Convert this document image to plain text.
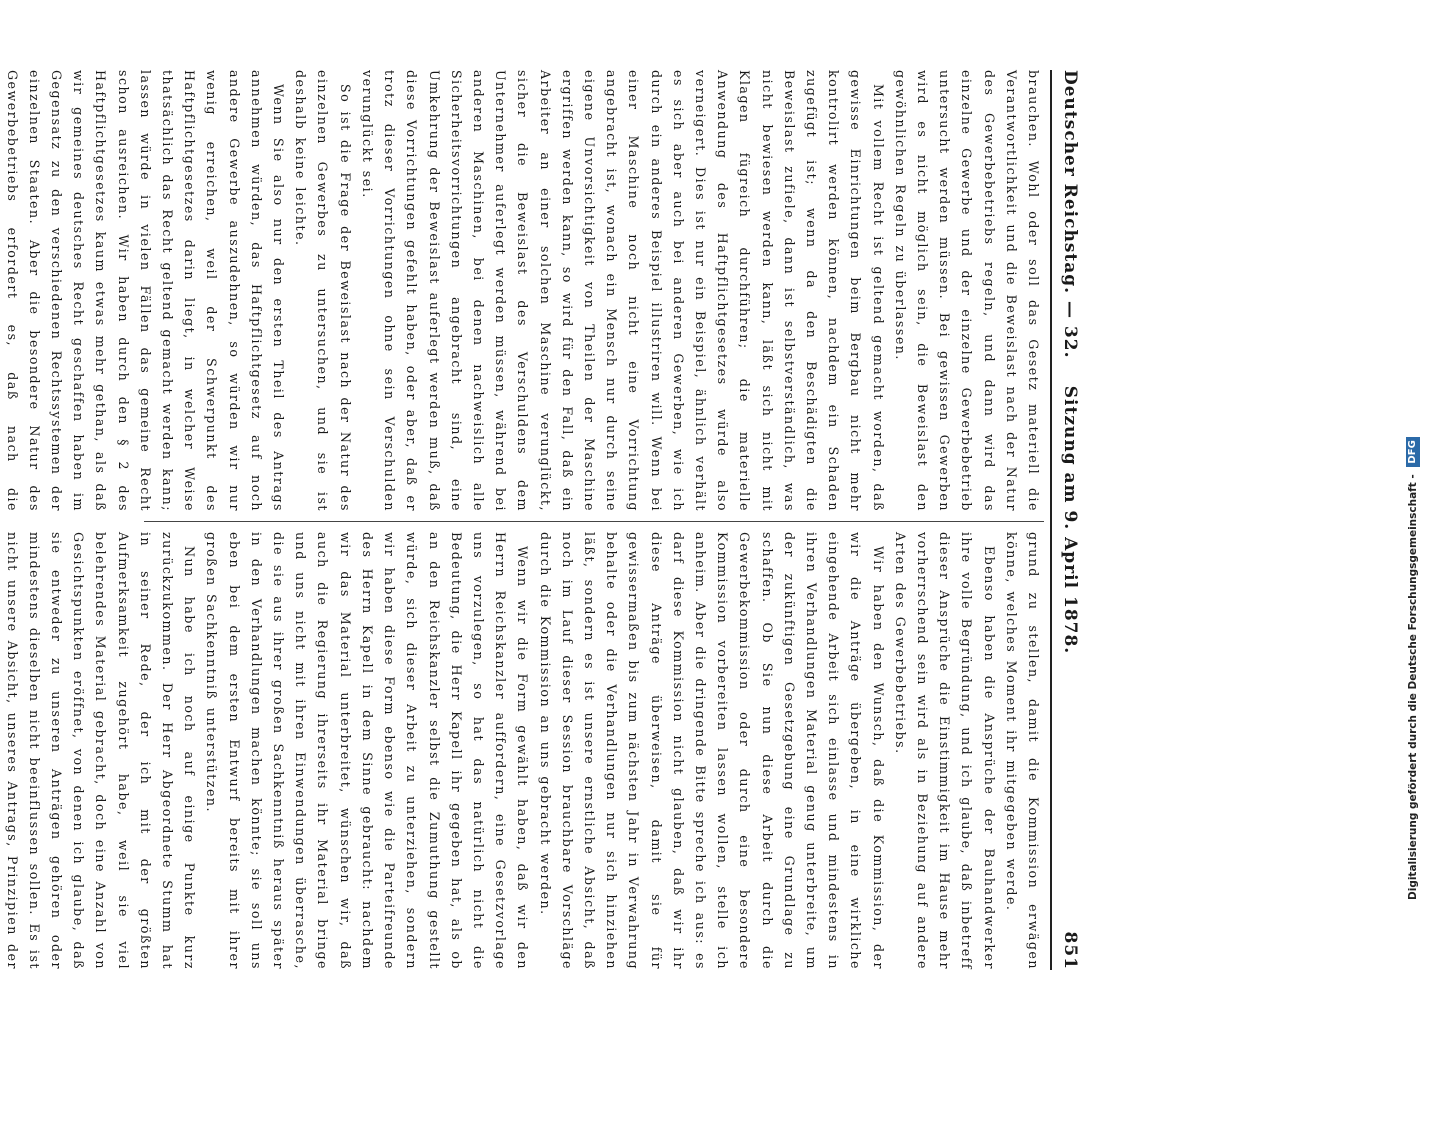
Deutscher Reichstag. — 32.
Sitzung am 9. April 1878.
851

brauchen. Wohl oder soll das Gesetz materiell die Verantwortlichkeit und die Beweislast nach der Natur des Gewerbebetriebs regeln, und dann wird das einzelne Gewerbe und der einzelne Gewerbebetrieb untersucht werden müssen. Bei gewissen Gewerben wird es nicht möglich sein, die Beweislast den gewöhnlichen Regeln zu überlassen.

Mit vollem Recht ist geltend gemacht worden, daß gewisse Einrichtungen beim Bergbau nicht mehr kontrolirt werden können, nachdem ein Schaden zugefügt ist; wenn da den Beschädigten die Beweislast zufiele, dann ist selbstverständlich, was nicht bewiesen werden kann, läßt sich nicht mit Klagen fügreich durchführen; die materielle Anwendung des Haftpflichtgesetzes würde also verneigert. Dies ist nur ein Beispiel, ähnlich verhält es sich aber auch bei anderen Gewerben, wie ich durch ein anderes Beispiel illustriren will. Wenn bei einer Maschine noch nicht eine Vorrichtung angebracht ist, wonach ein Mensch nur durch seine eigene Unvorsichtigkeit von Theilen der Maschine ergriffen werden kann, so wird für den Fall, daß ein Arbeiter an einer solchen Maschine verunglückt, sicher die Beweislast des Verschuldens dem Unternehmer auferlegt werden müssen, während bei anderen Maschinen, bei denen nachweislich alle Sicherheitsvorrichtungen angebracht sind, eine Umkehrung der Beweislast auferlegt werden muß, daß diese Vorrichtungen gefehlt haben, oder aber, daß er trotz dieser Vorrichtungen ohne sein Verschulden verunglückt sei.

So ist die Frage der Beweislast nach der Natur des einzelnen Gewerbes zu untersuchen, und sie ist deshalb keine leichte.

Wenn Sie also nur den ersten Theil des Antrags annehmen würden, das Haftpflichtgesetz auf noch andere Gewerbe auszudehnen, so würden wir nur wenig erreichen, weil der Schwerpunkt des Haftpflichtgesetzes darin liegt, in welcher Weise thatsächlich das Recht geltend gemacht werden kann; lassen würde in vielen Fällen das gemeine Recht schon ausreichen. Wir haben durch den § 2 des Haftpflichtgesetzes kaum etwas mehr gethan, als daß wir gemeines deutsches Recht geschaffen haben im Gegensatz zu den verschiedenen Rechtssystemen der einzelnen Staaten. Aber die besondere Natur des Gewerbebetriebs erfordert es, daß nach die

grund zu stellen, damit die Kommission erwägen könne, welches Moment ihr mitgegeben werde.

Ebenso haben die Ansprüche der Bauhandwerker ihre volle Begründung, und ich glaube, daß inbetreff dieser Ansprüche die Einstimmigkeit im Hause mehr vorherrschend sein wird als in Beziehung auf andere Arten des Gewerbebetriebs.

Wir haben den Wunsch, daß die Kommission, der wir die Anträge übergeben, in eine wirkliche eingehende Arbeit sich einlasse und mindestens in ihren Verhandlungen Material genug unterbreite, um der zukünftigen Gesetzgebung eine Grundlage zu schaffen. Ob Sie nun diese Arbeit durch die Gewerbekommission oder durch eine besondere Kommission vorbereiten lassen wollen, stelle ich anheim. Aber die dringende Bitte spreche ich aus: es darf diese Kommission nicht glauben, daß wir ihr diese Anträge überweisen, damit sie für gewissermaßen bis zum nächsten Jahr in Verwahrung behalte oder die Verhandlungen nur sich hinziehen läßt, sondern es ist unsere ernstliche Absicht, daß noch im Lauf dieser Session brauchbare Vorschläge durch die Kommission an uns gebracht werden.

Wenn wir die Form gewählt haben, daß wir den Herrn Reichskanzler auffordern, eine Gesetzvorlage uns vorzulegen, so hat das natürlich nicht die Bedeutung, die Herr Kapell ihr gegeben hat, als ob an den Reichskanzler selbst die Zumuthung gestellt würde, sich dieser Arbeit zu unterziehen, sondern wir haben diese Form ebenso wie die Parteifreunde des Herrn Kapell in dem Sinne gebraucht: nachdem wir das Material unterbreitet, wünschen wir, daß auch die Regierung ihrerseits ihr Material bringe und uns nicht mit ihren Einwendungen überrasche, die sie aus ihrer großen Sachkenntniß heraus später in den Verhandlungen machen könnte; sie soll uns eben bei dem ersten Entwurf bereits mit ihrer großen Sachkenntniß unterstützen.

Nun habe ich noch auf einige Punkte kurz zurückzukommen. Der Herr Abgeordnete Stumm hat in seiner Rede, der ich mit der größten Aufmerksamkeit zugehört habe, weil sie viel belehrendes Material gebracht, doch eine Anzahl von Gesichtspunkten eröffnet, von denen ich glaube, daß sie entweder zu unseren Anträgen gehören oder mindestens dieselben nicht beeinflussen sollen. Es ist nicht unsere Absicht, unseres Antrags, Prinzipien der

Digitalisierung gefördert durch die Deutsche Forschungsgemeinschaft - DFG
